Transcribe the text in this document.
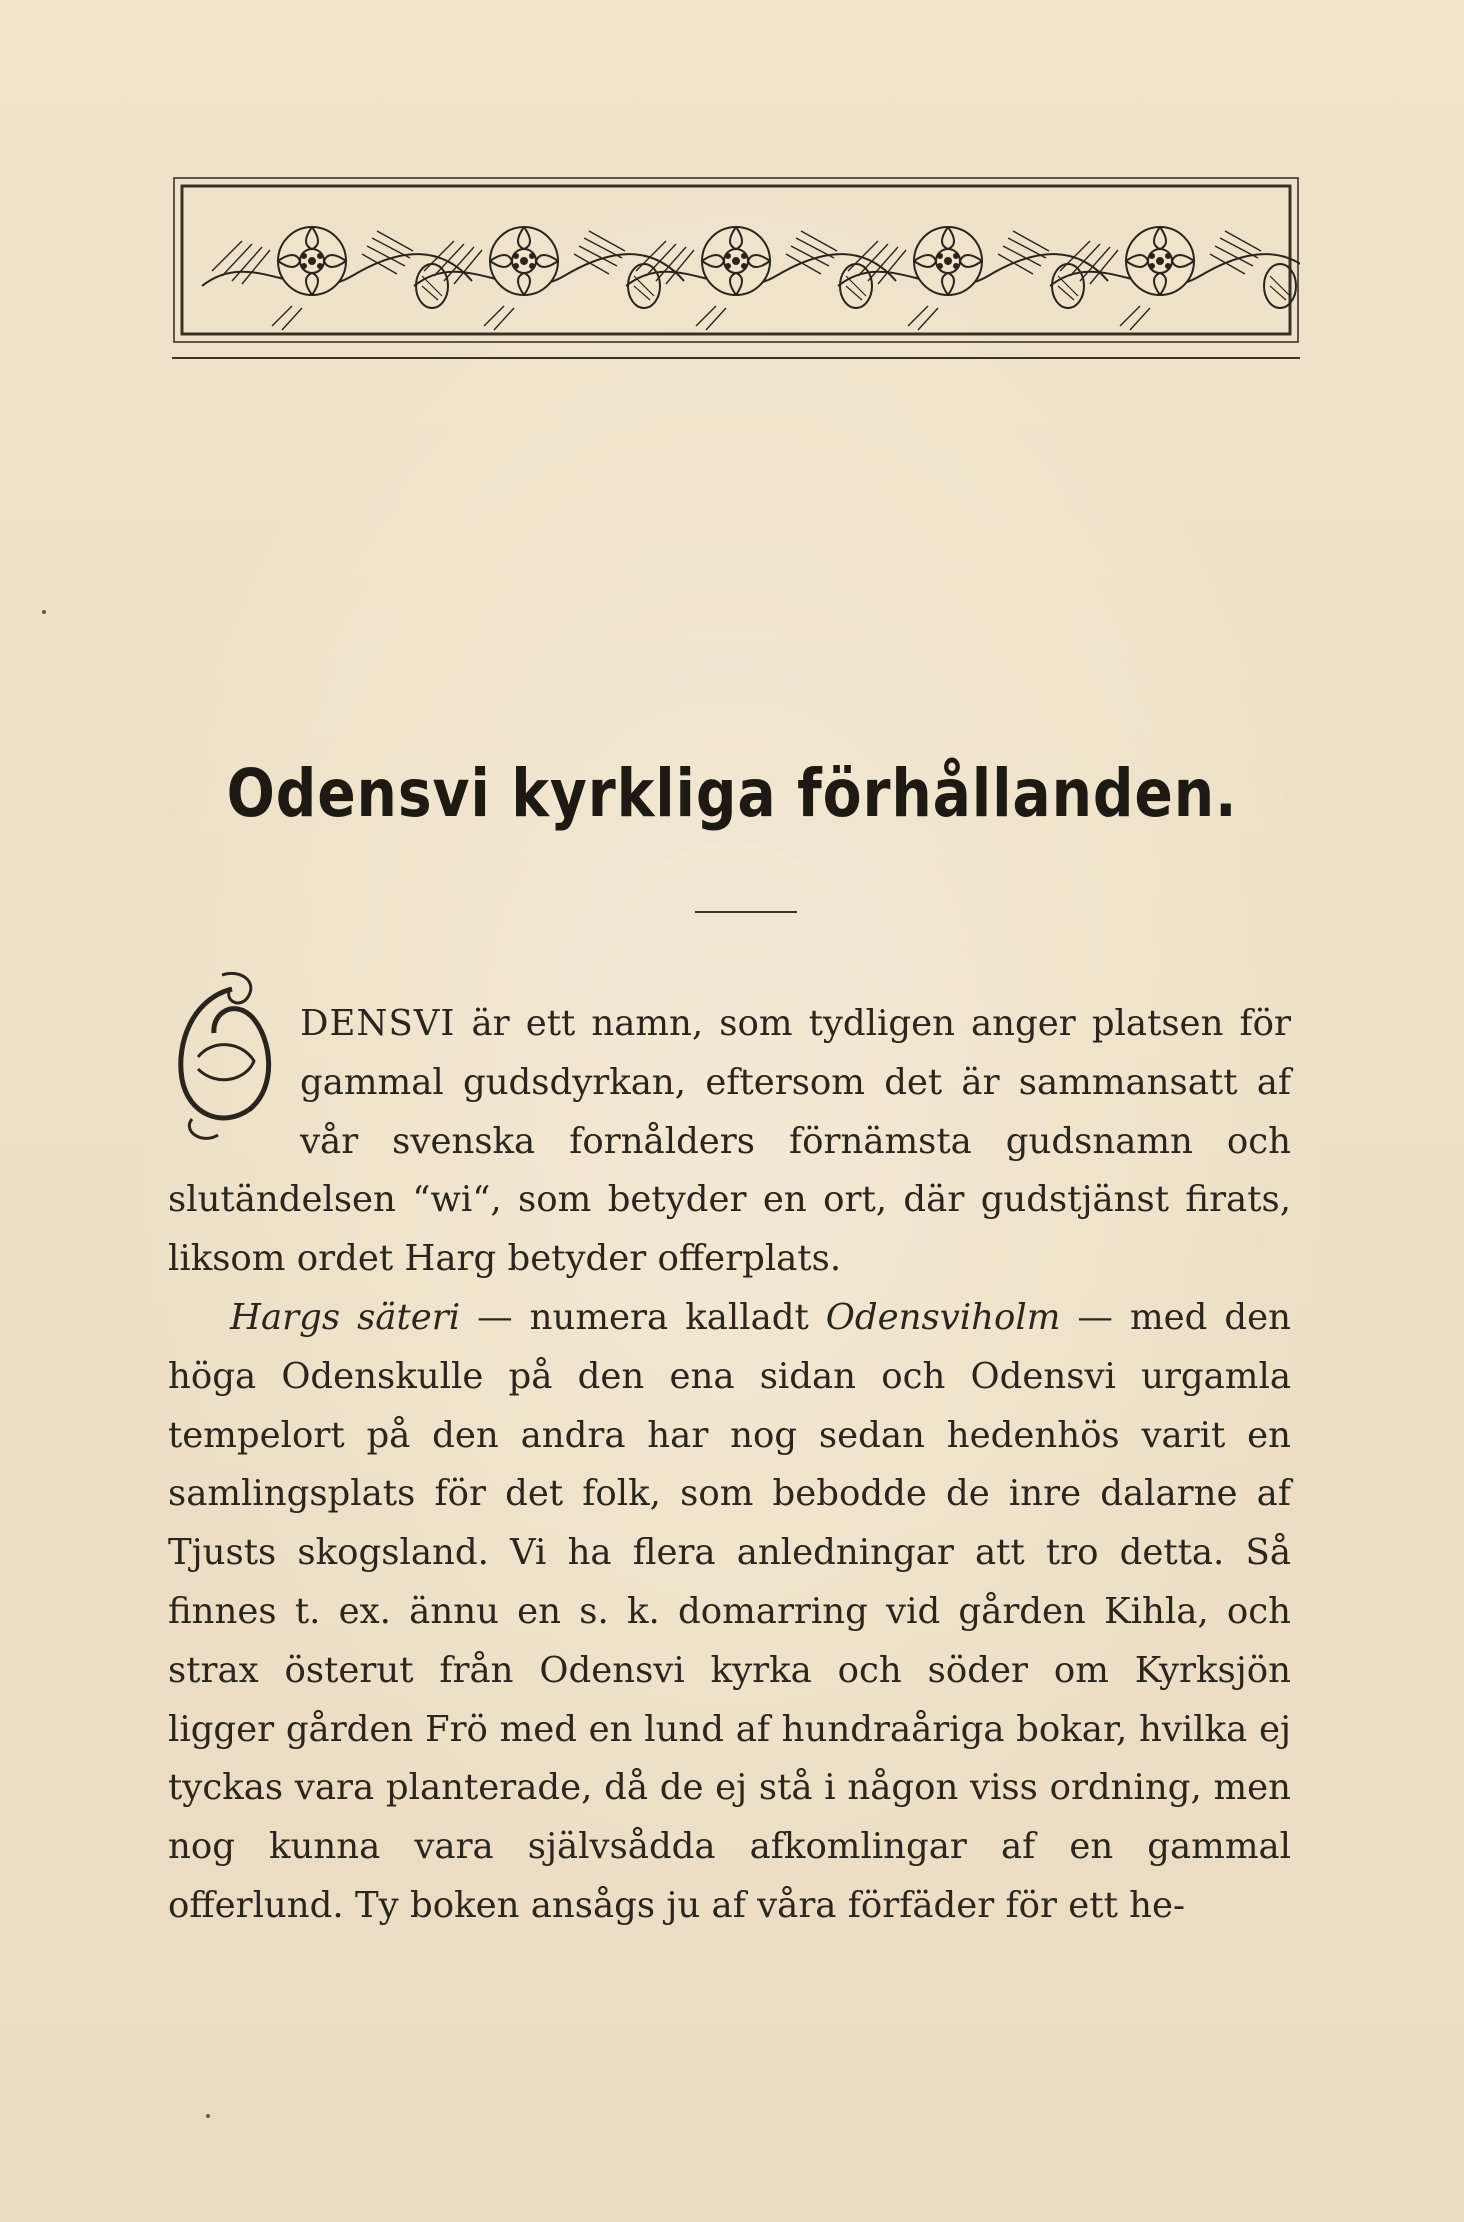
Odensvi kyrkliga förhållanden.

DENSVI är ett namn, som tydligen anger platsen för gammal gudsdyrkan, eftersom det är sammansatt af vår svenska fornålders förnämsta gudsnamn och slutändelsen “wi“, som betyder en ort, där gudstjänst firats, liksom ordet Harg betyder offerplats.

Hargs säteri — numera kalladt Odensviholm — med den höga Odenskulle på den ena sidan och Odensvi urgamla tempelort på den andra har nog sedan hedenhös varit en samlingsplats för det folk, som bebodde de inre dalarne af Tjusts skogsland. Vi ha flera anledningar att tro detta. Så finnes t. ex. ännu en s. k. domarring vid gården Kihla, och strax österut från Odensvi kyrka och söder om Kyrksjön ligger gården Frö med en lund af hundraåriga bokar, hvilka ej tyckas vara planterade, då de ej stå i någon viss ordning, men nog kunna vara självsådda afkomlingar af en gammal offerlund. Ty boken ansågs ju af våra förfäder för ett he-
